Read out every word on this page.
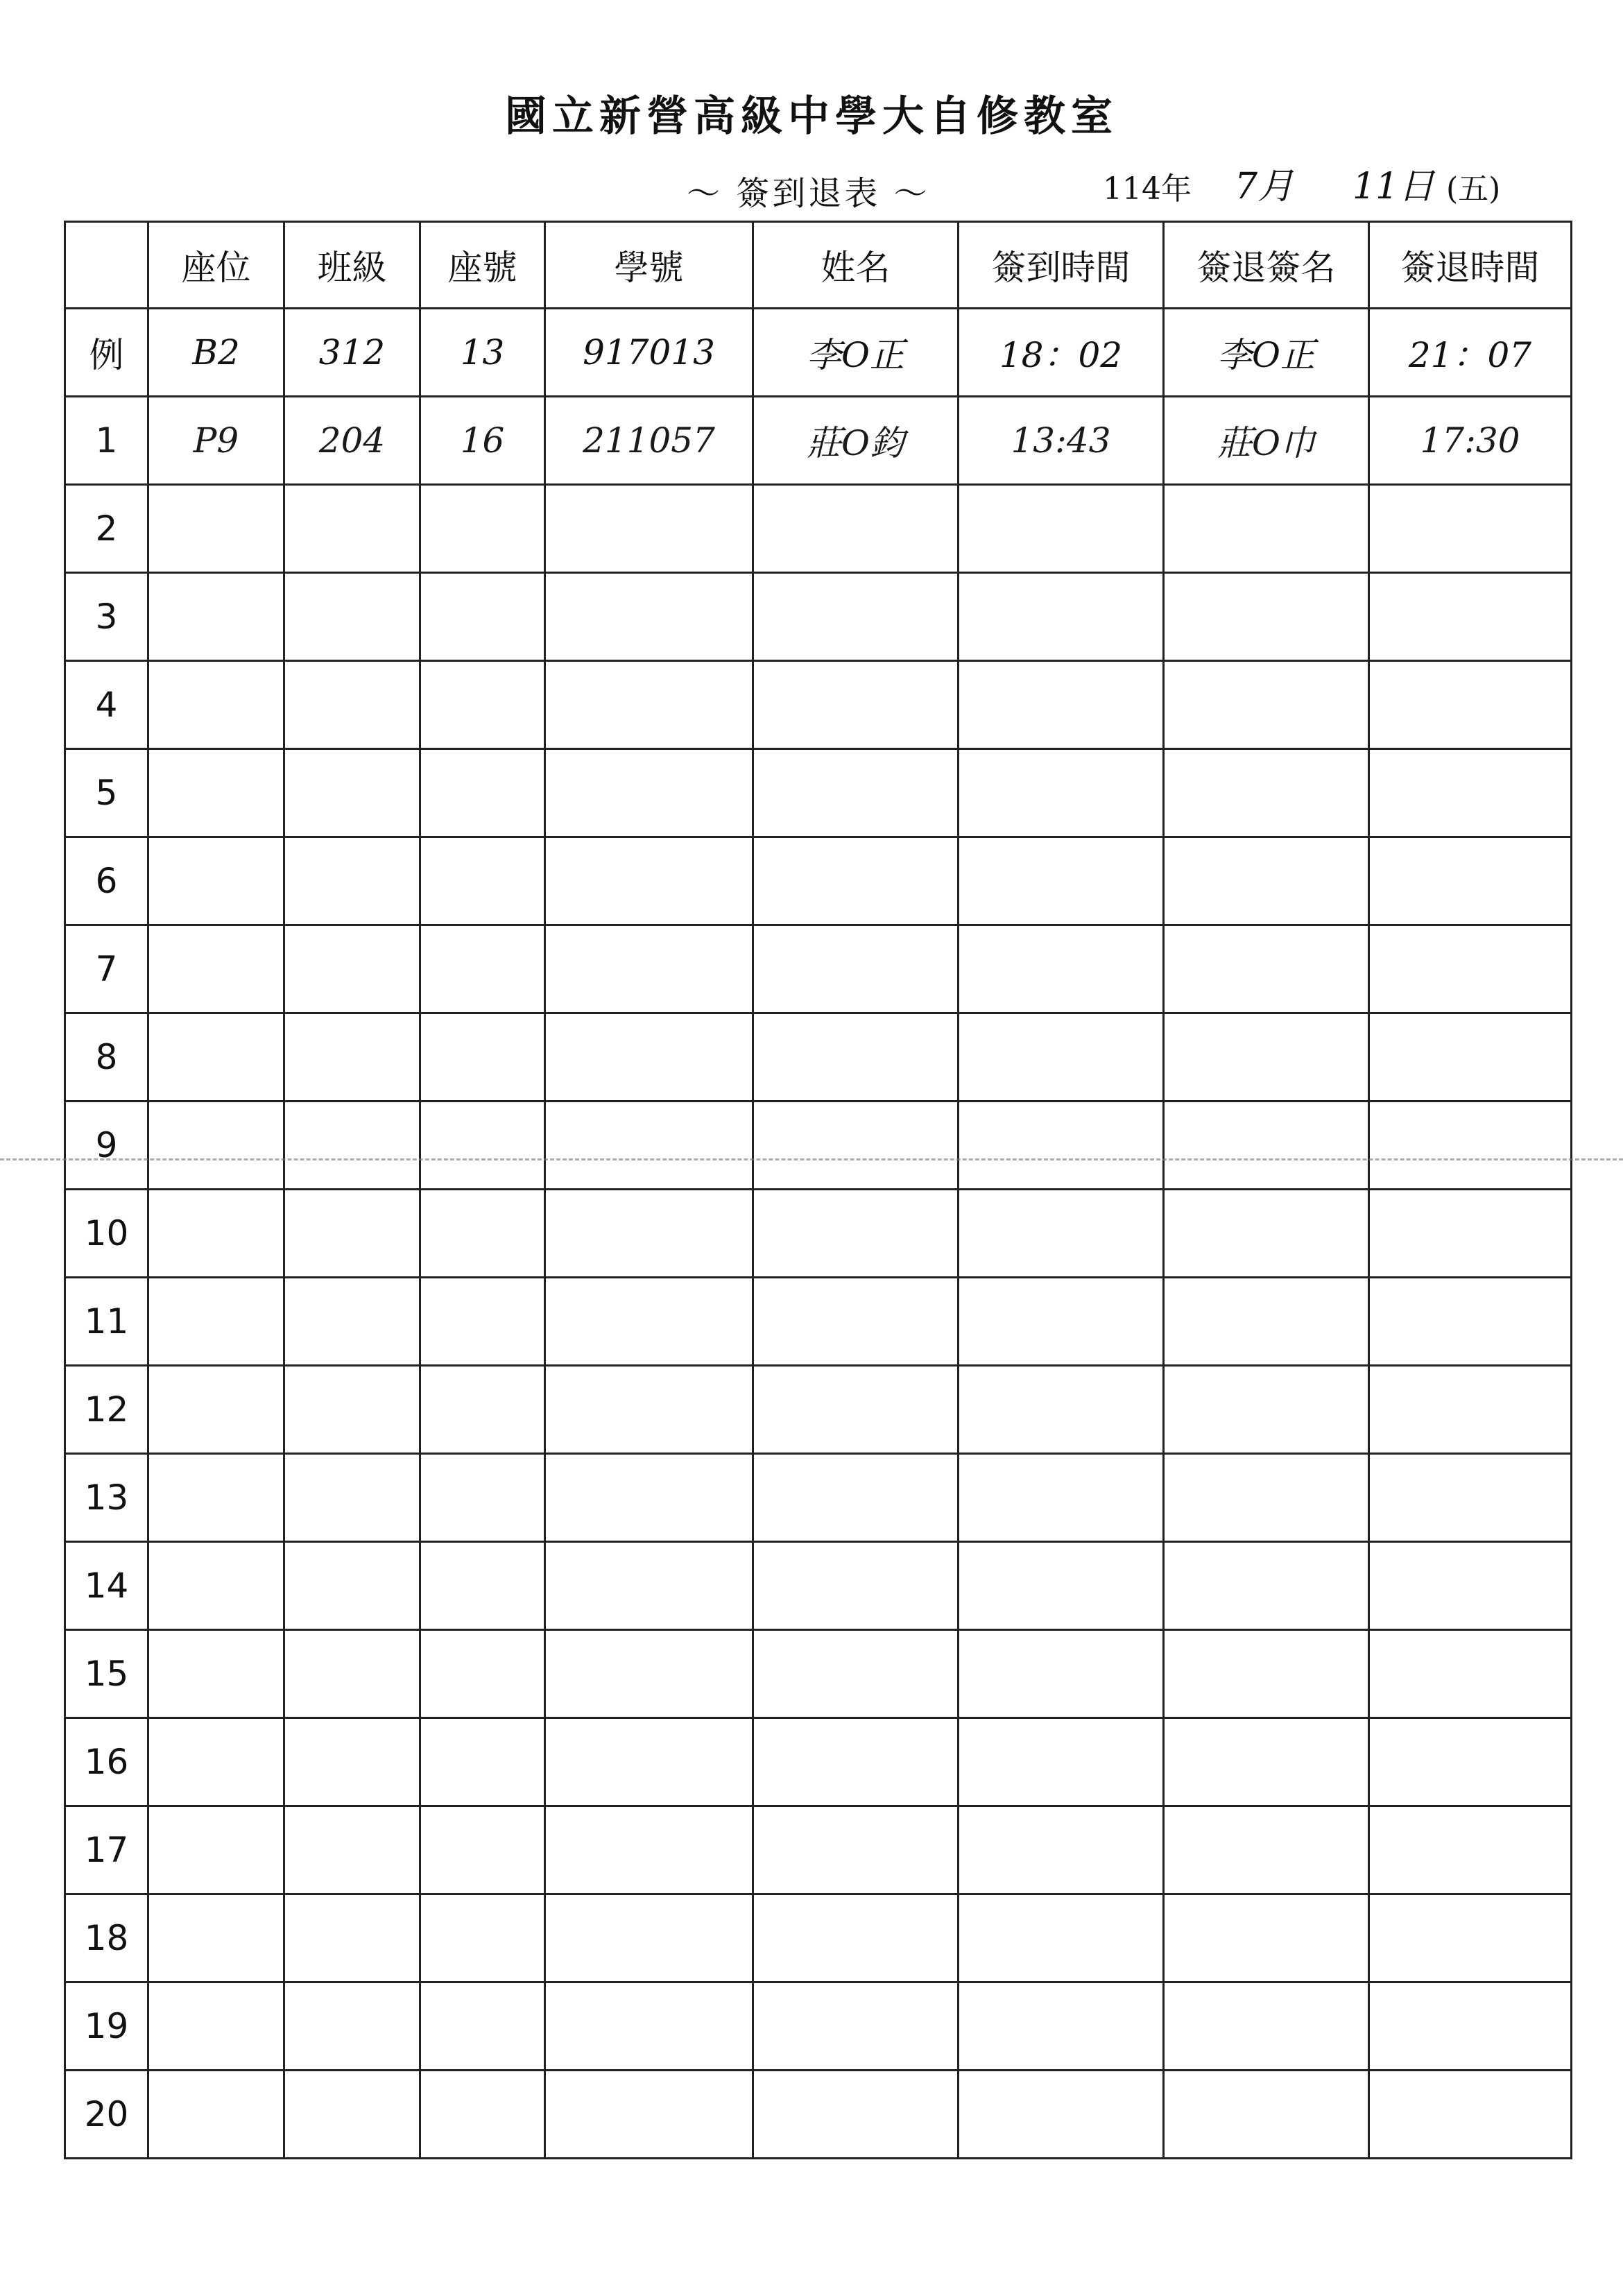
國立新營高級中學大自修教室
～ 簽到退表 ～	114年 7月 11日 (五)
	座位	班級	座號	學號	姓名	簽到時間	簽退簽名	簽退時間
例	B2	312	13	917013	李O正	18：02	李O正	21：07
1	P9	204	16	211057	莊O鈞	13:43	莊O巾	17:30
2								
3								
4								
5								
6								
7								
8								
9								
10								
11								
12								
13								
14								
15								
16								
17								
18								
19								
20								
